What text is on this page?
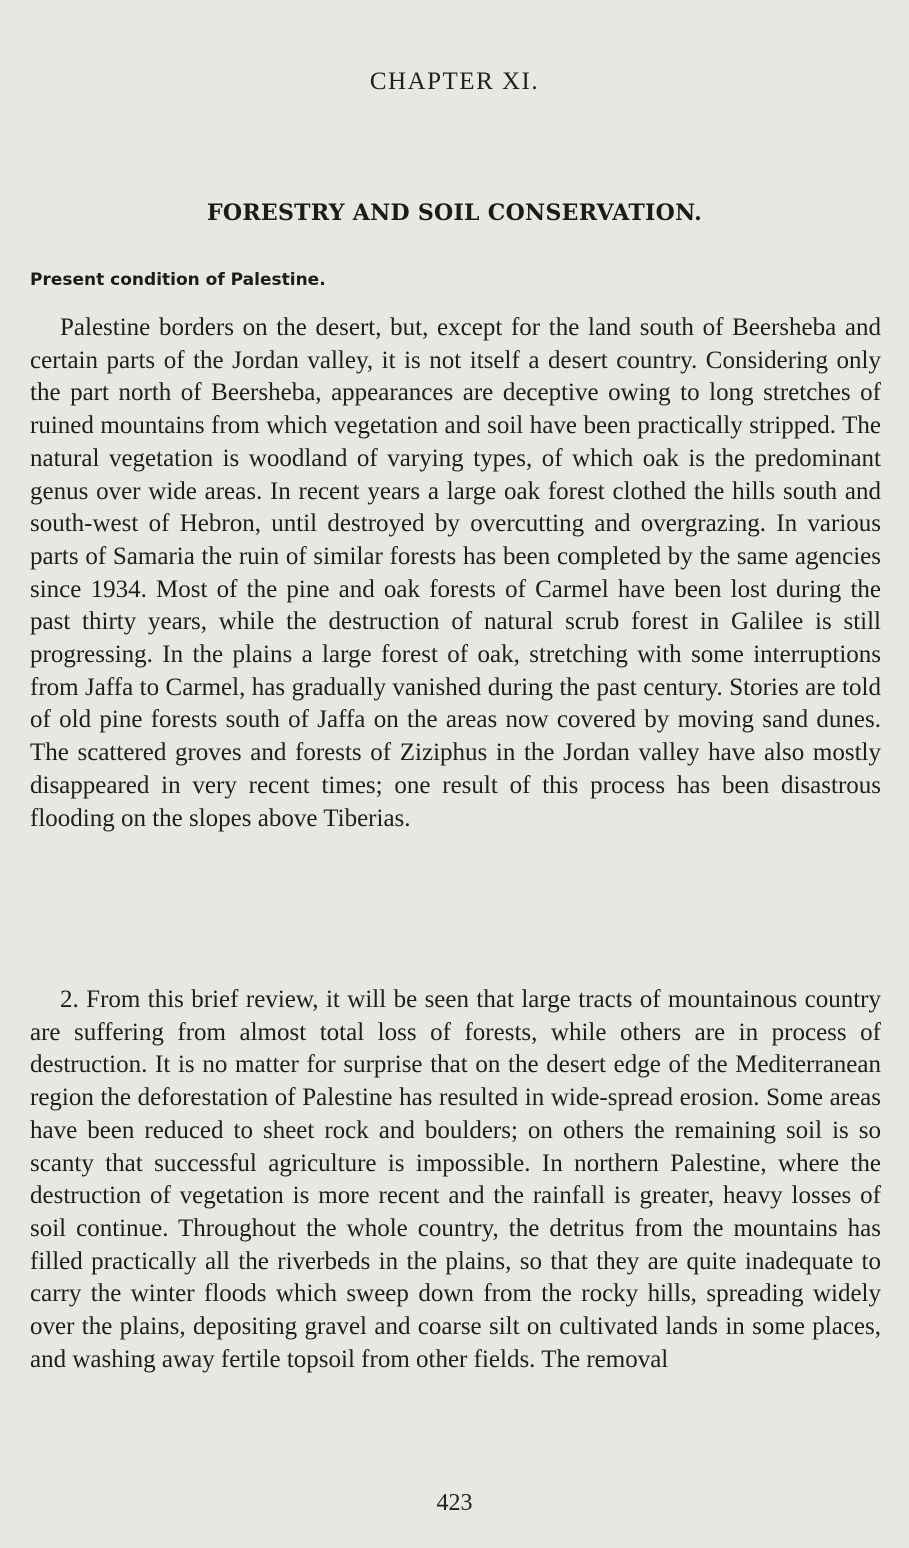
CHAPTER XI.
FORESTRY AND SOIL CONSERVATION.
Present condition of Palestine.

Palestine borders on the desert, but, except for the land south of Beersheba and certain parts of the Jordan valley, it is not itself a desert country. Considering only the part north of Beersheba, appearances are deceptive owing to long stretches of ruined mountains from which vegetation and soil have been practically stripped. The natural vegetation is woodland of varying types, of which oak is the predominant genus over wide areas. In recent years a large oak forest clothed the hills south and south-west of Hebron, until destroyed by overcutting and overgrazing. In various parts of Samaria the ruin of similar forests has been completed by the same agencies since 1934. Most of the pine and oak forests of Carmel have been lost during the past thirty years, while the destruction of natural scrub forest in Galilee is still progressing. In the plains a large forest of oak, stretching with some interruptions from Jaffa to Carmel, has gradually vanished during the past century. Stories are told of old pine forests south of Jaffa on the areas now covered by moving sand dunes. The scattered groves and forests of Ziziphus in the Jordan valley have also mostly disappeared in very recent times; one result of this process has been disastrous flooding on the slopes above Tiberias.

2. From this brief review, it will be seen that large tracts of mountainous country are suffering from almost total loss of forests, while others are in process of destruction. It is no matter for surprise that on the desert edge of the Mediterranean region the deforestation of Palestine has resulted in wide-spread erosion. Some areas have been reduced to sheet rock and boulders; on others the remaining soil is so scanty that successful agriculture is impossible. In northern Palestine, where the destruction of vegetation is more recent and the rainfall is greater, heavy losses of soil continue. Throughout the whole country, the detritus from the mountains has filled practically all the riverbeds in the plains, so that they are quite inadequate to carry the winter floods which sweep down from the rocky hills, spreading widely over the plains, depositing gravel and coarse silt on cultivated lands in some places, and washing away fertile topsoil from other fields. The removal

423
